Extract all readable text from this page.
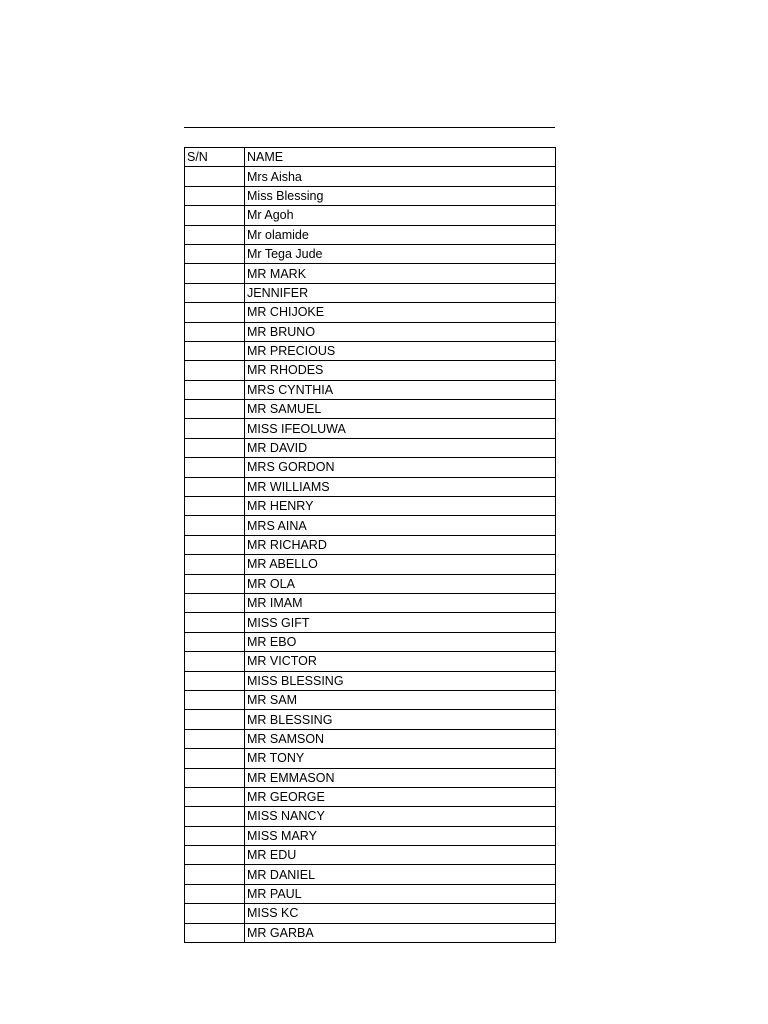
S/N	NAME
	Mrs Aisha
	Miss Blessing
	Mr Agoh
	Mr olamide
	Mr Tega Jude
	MR MARK
	JENNIFER
	MR CHIJOKE
	MR BRUNO
	MR PRECIOUS
	MR RHODES
	MRS CYNTHIA
	MR SAMUEL
	MISS IFEOLUWA
	MR DAVID
	MRS GORDON
	MR WILLIAMS
	MR HENRY
	MRS AINA
	MR RICHARD
	MR ABELLO
	MR OLA
	MR IMAM
	MISS GIFT
	MR EBO
	MR VICTOR
	MISS BLESSING
	MR SAM
	MR BLESSING
	MR SAMSON
	MR TONY
	MR EMMASON
	MR GEORGE
	MISS NANCY
	MISS MARY
	MR EDU
	MR DANIEL
	MR PAUL
	MISS KC
	MR GARBA
